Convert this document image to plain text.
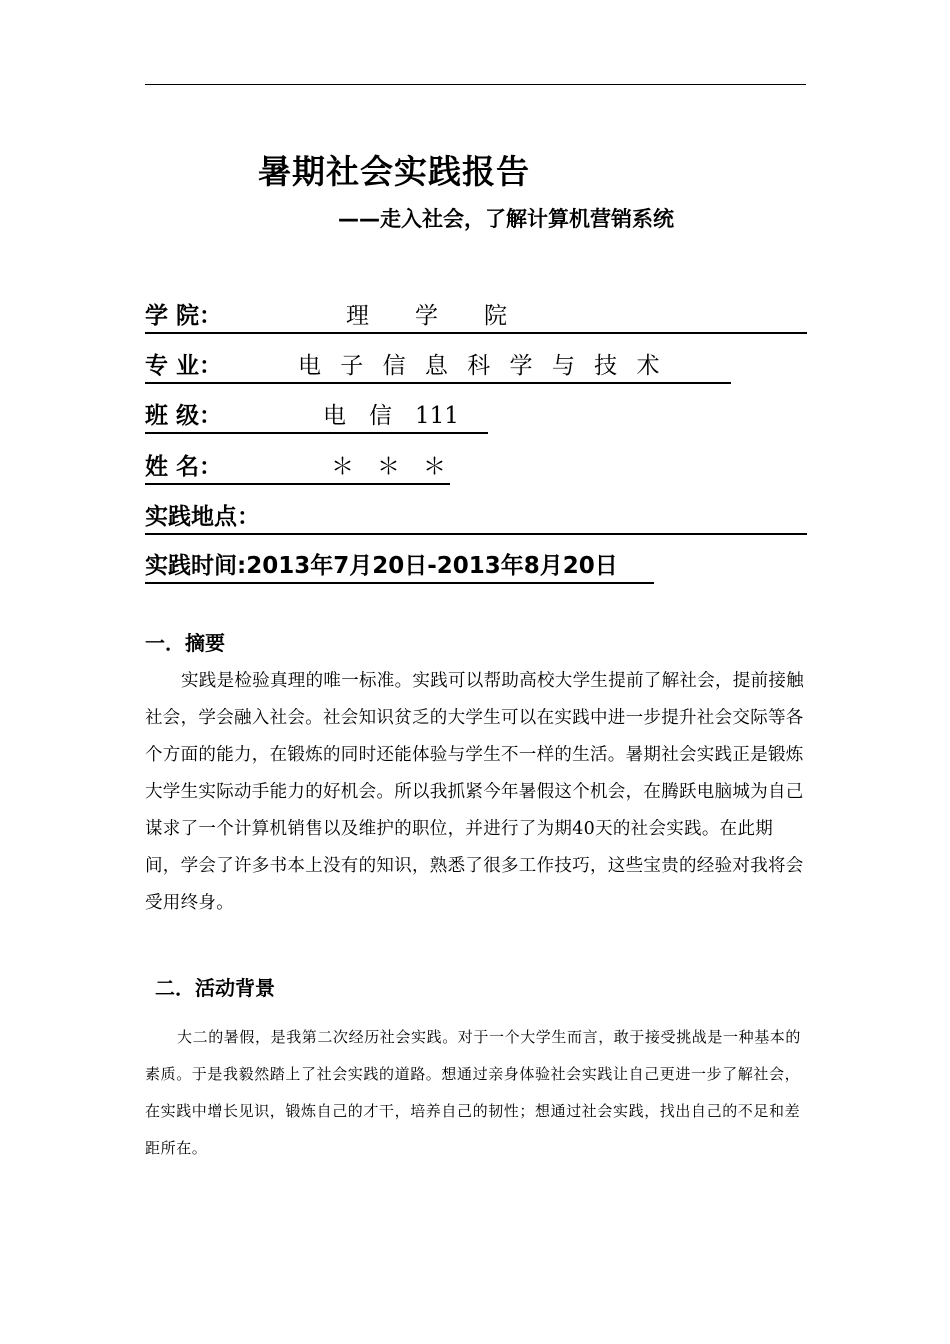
暑期社会实践报告
——走入社会，了解计算机营销系统
学 院：	理　　学　　院
专 业：	电 子 信 息 科 学 与 技 术
班 级：	电　信　111
姓 名：	＊　＊　＊
实践地点：
实践时间:2013年7月20日-2013年8月20日
一．摘要
实践是检验真理的唯一标准。实践可以帮助高校大学生提前了解社会，提前接触社会，学会融入社会。社会知识贫乏的大学生可以在实践中进一步提升社会交际等各个方面的能力，在锻炼的同时还能体验与学生不一样的生活。暑期社会实践正是锻炼大学生实际动手能力的好机会。所以我抓紧今年暑假这个机会，在腾跃电脑城为自己谋求了一个计算机销售以及维护的职位，并进行了为期40天的社会实践。在此期间，学会了许多书本上没有的知识，熟悉了很多工作技巧，这些宝贵的经验对我将会受用终身。
二．活动背景
大二的暑假，是我第二次经历社会实践。对于一个大学生而言，敢于接受挑战是一种基本的素质。于是我毅然踏上了社会实践的道路。想通过亲身体验社会实践让自己更进一步了解社会，在实践中增长见识，锻炼自己的才干，培养自己的韧性；想通过社会实践，找出自己的不足和差距所在。
